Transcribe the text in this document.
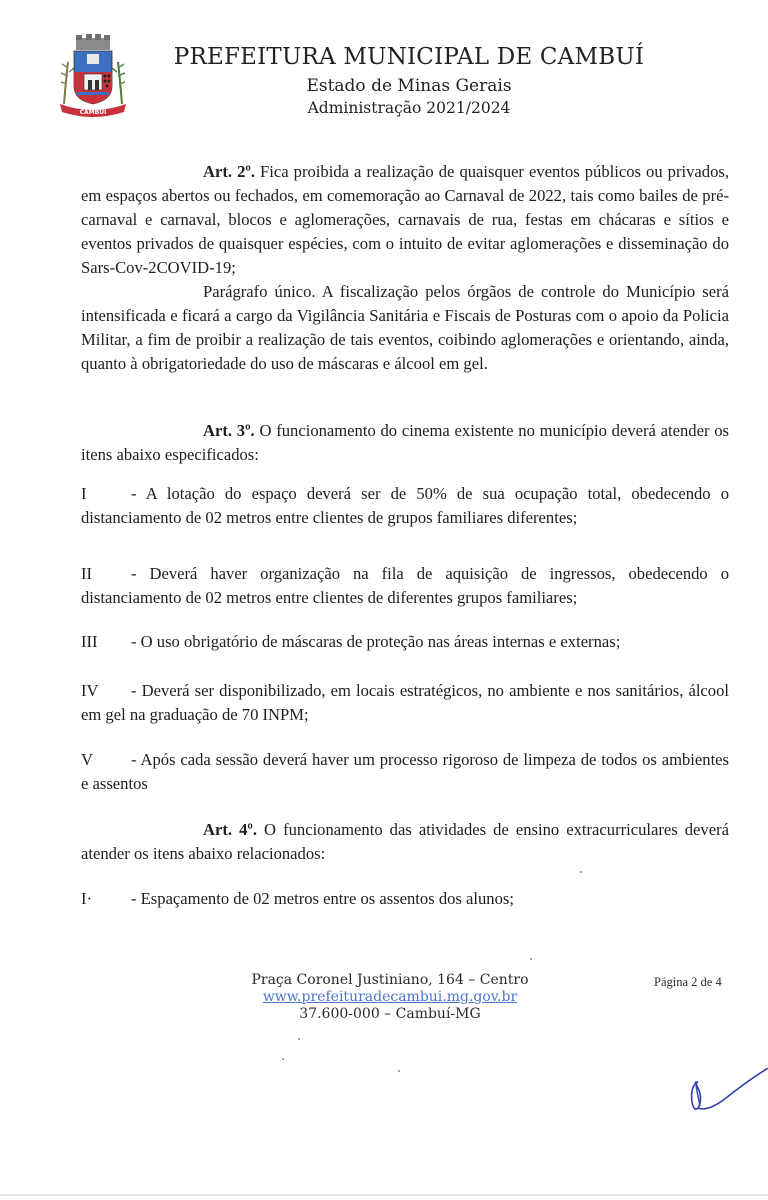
CAMBUÍ
PREFEITURA MUNICIPAL DE CAMBUÍ
Estado de Minas Gerais
Administração 2021/2024
Art. 2º. Fica proibida a realização de quaisquer eventos públicos ou privados, em espaços abertos ou fechados, em comemoração ao Carnaval de 2022, tais como bailes de pré-carnaval e carnaval, blocos e aglomerações, carnavais de rua, festas em chácaras e sítios e eventos privados de quaisquer espécies, com o intuito de evitar aglomerações e disseminação do Sars-Cov-2COVID-19;
Parágrafo único. A fiscalização pelos órgãos de controle do Município será intensificada e ficará a cargo da Vigilância Sanitária e Fiscais de Posturas com o apoio da Policia Militar, a fim de proibir a realização de tais eventos, coibindo aglomerações e orientando, ainda, quanto à obrigatoriedade do uso de máscaras e álcool em gel.
Art. 3º. O funcionamento do cinema existente no município deverá atender os itens abaixo especificados:
I	- A lotação do espaço deverá ser de 50% de sua ocupação total, obedecendo o distanciamento de 02 metros entre clientes de grupos familiares diferentes;
II - Deverá haver organização na fila de aquisição de ingressos, obedecendo o distanciamento de 02 metros entre clientes de diferentes grupos familiares;
III - O uso obrigatório de máscaras de proteção nas áreas internas e externas;
IV - Deverá ser disponibilizado, em locais estratégicos, no ambiente e nos sanitários, álcool em gel na graduação de 70 INPM;
V - Após cada sessão deverá haver um processo rigoroso de limpeza de todos os ambientes e assentos
Art. 4º. O funcionamento das atividades de ensino extracurriculares deverá atender os itens abaixo relacionados:
I· - Espaçamento de 02 metros entre os assentos dos alunos;
Praça Coronel Justiniano, 164 – Centro
www.prefeituradecambui.mg.gov.br
37.600-000 – Cambuí-MG
Página 2 de 4
